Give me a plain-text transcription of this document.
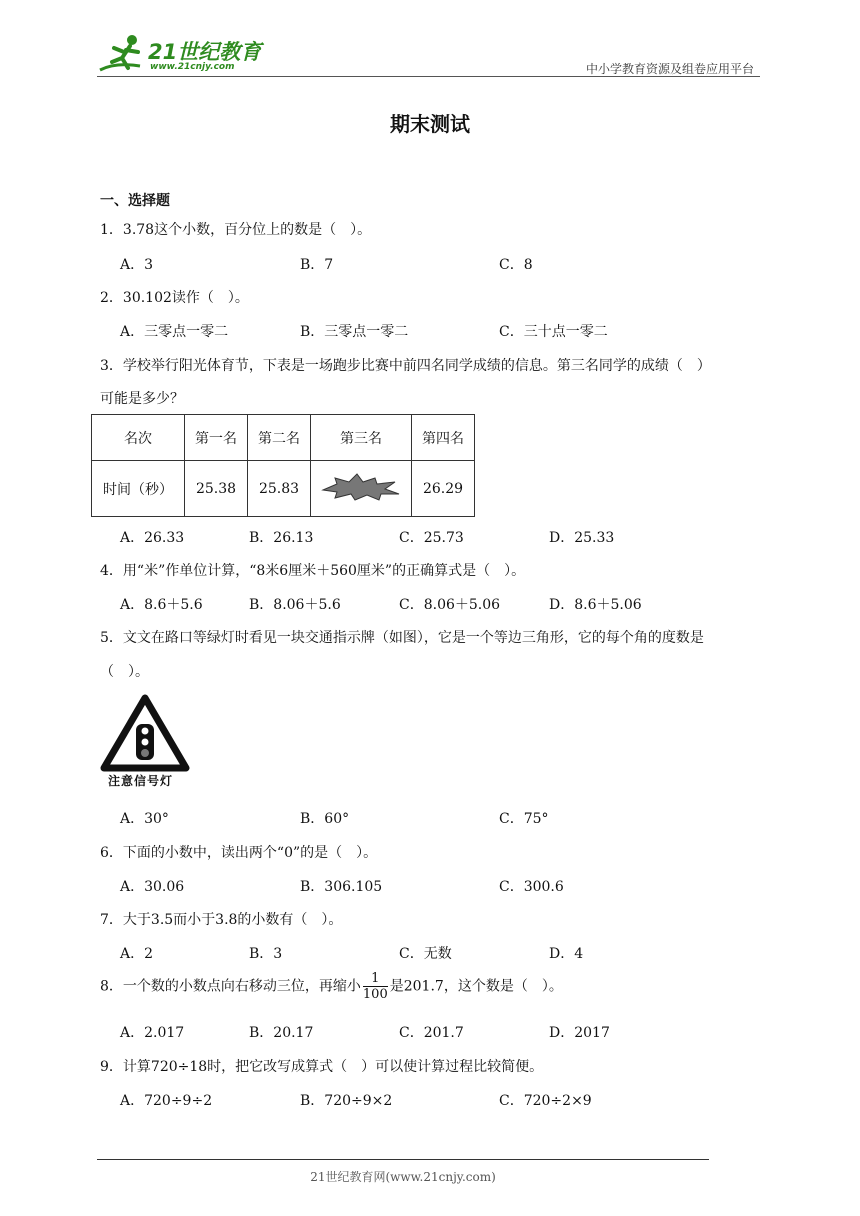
21世纪教育
www.21cnjy.com	中小学教育资源及组卷应用平台
期末测试
一、选择题
1．3.78这个小数，百分位上的数是（　）。
A．3	B．7	C．8
2．30.102读作（　）。
A．三零点一零二	B．三零点一零二	C．三十点一零二
3．学校举行阳光体育节，下表是一场跑步比赛中前四名同学成绩的信息。第三名同学的成绩（　）
可能是多少？
名次	第一名	第二名	第三名	第四名
时间（秒）	25.38	25.83		26.29
A．26.33	B．26.13	C．25.73	D．25.33
4．用“米”作单位计算，“8米6厘米＋560厘米”的正确算式是（　）。
A．8.6＋5.6	B．8.06＋5.6	C．8.06＋5.06	D．8.6＋5.06
5．文文在路口等绿灯时看见一块交通指示牌（如图），它是一个等边三角形，它的每个角的度数是
（　）。
注意信号灯
A．30°	B．60°	C．75°
6．下面的小数中，读出两个“0”的是（　）。
A．30.06	B．306.105	C．300.6
7．大于3.5而小于3.8的小数有（　）。
A．2	B．3	C．无数	D．4
8．一个数的小数点向右移动三位，再缩小 $\frac{1}{100}$ 是201.7，这个数是（　）。
A．2.017	B．20.17	C．201.7	D．2017
9．计算720÷18时，把它改写成算式（　）可以使计算过程比较简便。
A．720÷9÷2	B．720÷9×2	C．720÷2×9
21世纪教育网(www.21cnjy.com)
